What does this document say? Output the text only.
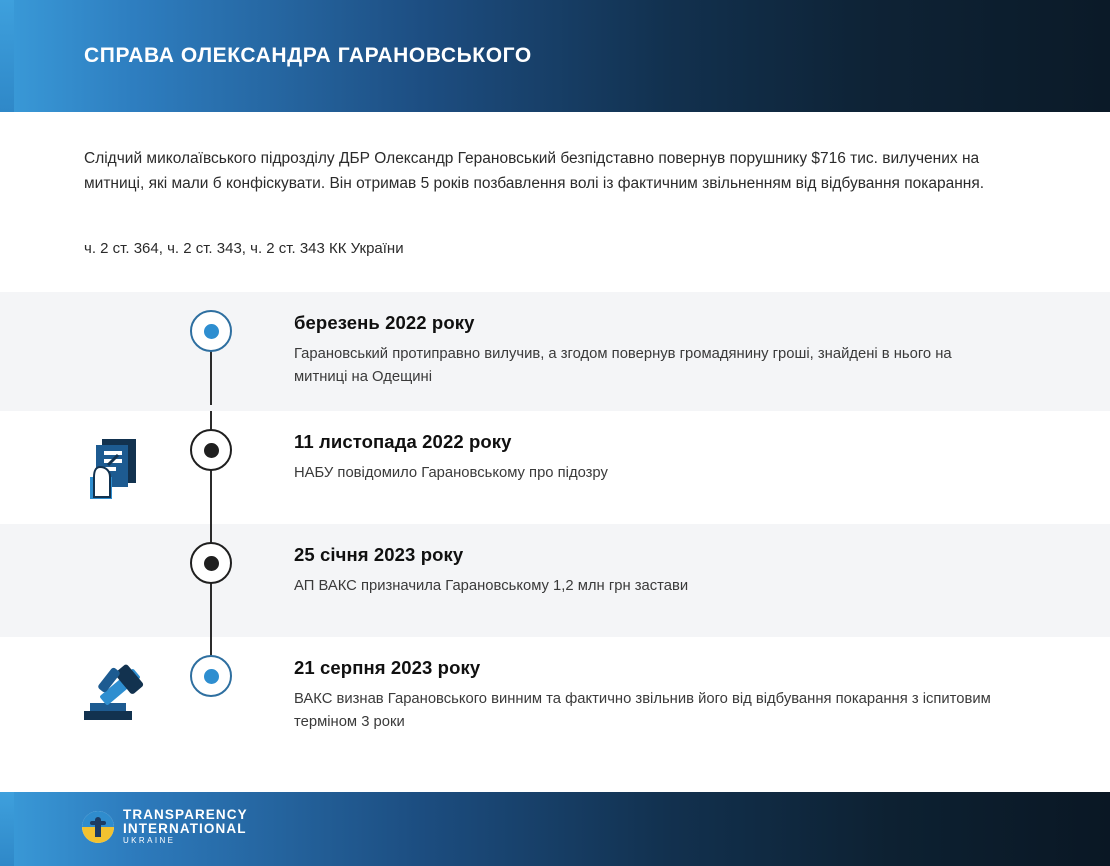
СПРАВА ОЛЕКСАНДРА ГАРАНОВСЬКОГО
Слідчий миколаївського підрозділу ДБР Олександр Герановський безпідставно повернув порушнику $716 тис. вилучених на митниці, які мали б конфіскувати. Він отримав 5 років позбавлення волі із фактичним звільненням від відбування покарання.
ч. 2 ст. 364, ч. 2 ст. 343, ч. 2 ст. 343 КК України
березень 2022 року
Гарановський протиправно вилучив, а згодом повернув громадянину гроші, знайдені в нього на митниці на Одещині
11 листопада 2022 року
НАБУ повідомило Гарановському про підозру
25 січня 2023 року
АП ВАКС призначила Гарановському 1,2 млн грн застави
21 серпня 2023 року
ВАКС визнав Гарановського винним та фактично звільнив його від відбування покарання з іспитовим терміном 3 роки
TRANSPARENCY
INTERNATIONAL
UKRAINE
